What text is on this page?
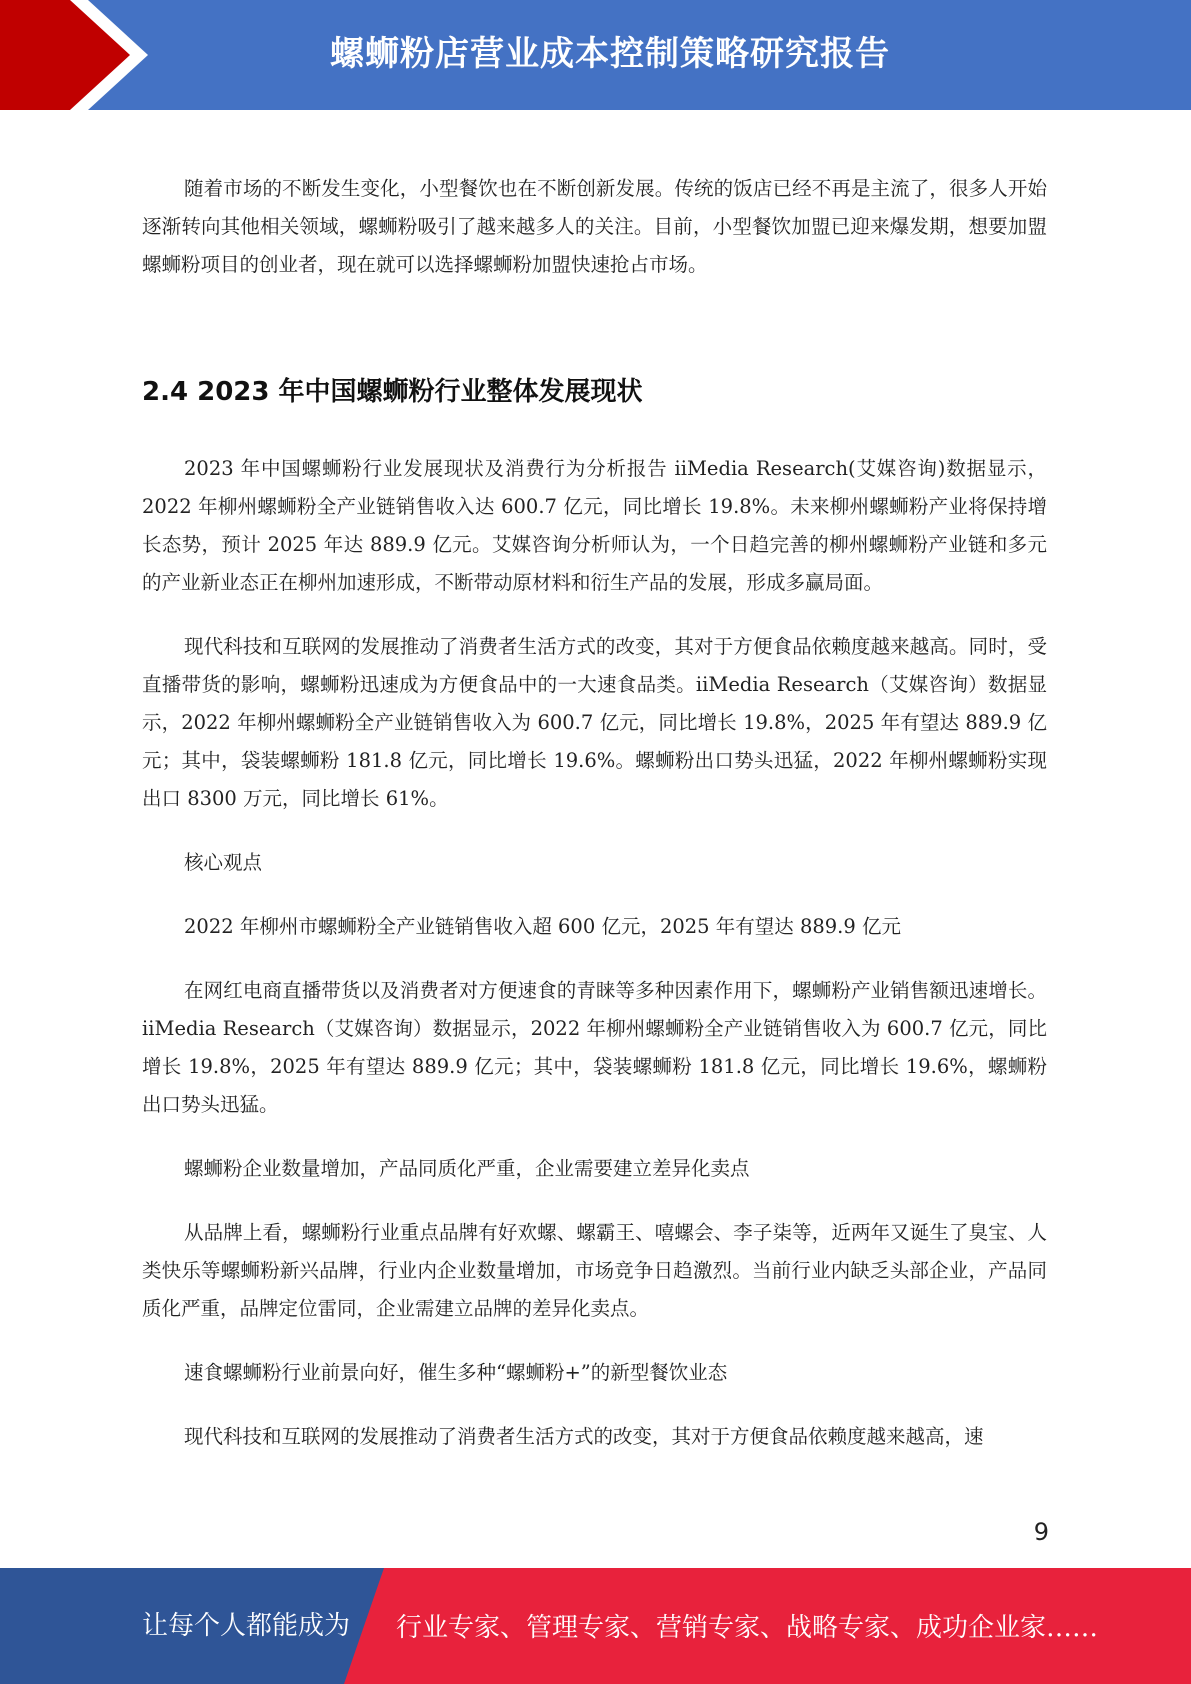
螺蛳粉店营业成本控制策略研究报告

随着市场的不断发生变化，小型餐饮也在不断创新发展。传统的饭店已经不再是主流了，很多人开始逐渐转向其他相关领域，螺蛳粉吸引了越来越多人的关注。目前，小型餐饮加盟已迎来爆发期，想要加盟螺蛳粉项目的创业者，现在就可以选择螺蛳粉加盟快速抢占市场。

2.4 2023 年中国螺蛳粉行业整体发展现状

2023 年中国螺蛳粉行业发展现状及消费行为分析报告 iiMedia Research(艾媒咨询)数据显示，2022 年柳州螺蛳粉全产业链销售收入达 600.7 亿元，同比增长 19.8%。未来柳州螺蛳粉产业将保持增长态势，预计 2025 年达 889.9 亿元。艾媒咨询分析师认为，一个日趋完善的柳州螺蛳粉产业链和多元的产业新业态正在柳州加速形成，不断带动原材料和衍生产品的发展，形成多赢局面。

现代科技和互联网的发展推动了消费者生活方式的改变，其对于方便食品依赖度越来越高。同时，受直播带货的影响，螺蛳粉迅速成为方便食品中的一大速食品类。iiMedia Research（艾媒咨询）数据显示，2022 年柳州螺蛳粉全产业链销售收入为 600.7 亿元，同比增长 19.8%，2025 年有望达 889.9 亿元；其中，袋装螺蛳粉 181.8 亿元，同比增长 19.6%。螺蛳粉出口势头迅猛，2022 年柳州螺蛳粉实现出口 8300 万元，同比增长 61%。

核心观点

2022 年柳州市螺蛳粉全产业链销售收入超 600 亿元，2025 年有望达 889.9 亿元

在网红电商直播带货以及消费者对方便速食的青睐等多种因素作用下，螺蛳粉产业销售额迅速增长。iiMedia Research（艾媒咨询）数据显示，2022 年柳州螺蛳粉全产业链销售收入为 600.7 亿元，同比增长 19.8%，2025 年有望达 889.9 亿元；其中，袋装螺蛳粉 181.8 亿元，同比增长 19.6%，螺蛳粉出口势头迅猛。

螺蛳粉企业数量增加，产品同质化严重，企业需要建立差异化卖点

从品牌上看，螺蛳粉行业重点品牌有好欢螺、螺霸王、嘻螺会、李子柒等，近两年又诞生了臭宝、人类快乐等螺蛳粉新兴品牌，行业内企业数量增加，市场竞争日趋激烈。当前行业内缺乏头部企业，产品同质化严重，品牌定位雷同，企业需建立品牌的差异化卖点。

速食螺蛳粉行业前景向好，催生多种“螺蛳粉+”的新型餐饮业态

现代科技和互联网的发展推动了消费者生活方式的改变，其对于方便食品依赖度越来越高，速

9
让每个人都能成为 行业专家、管理专家、营销专家、战略专家、成功企业家……
